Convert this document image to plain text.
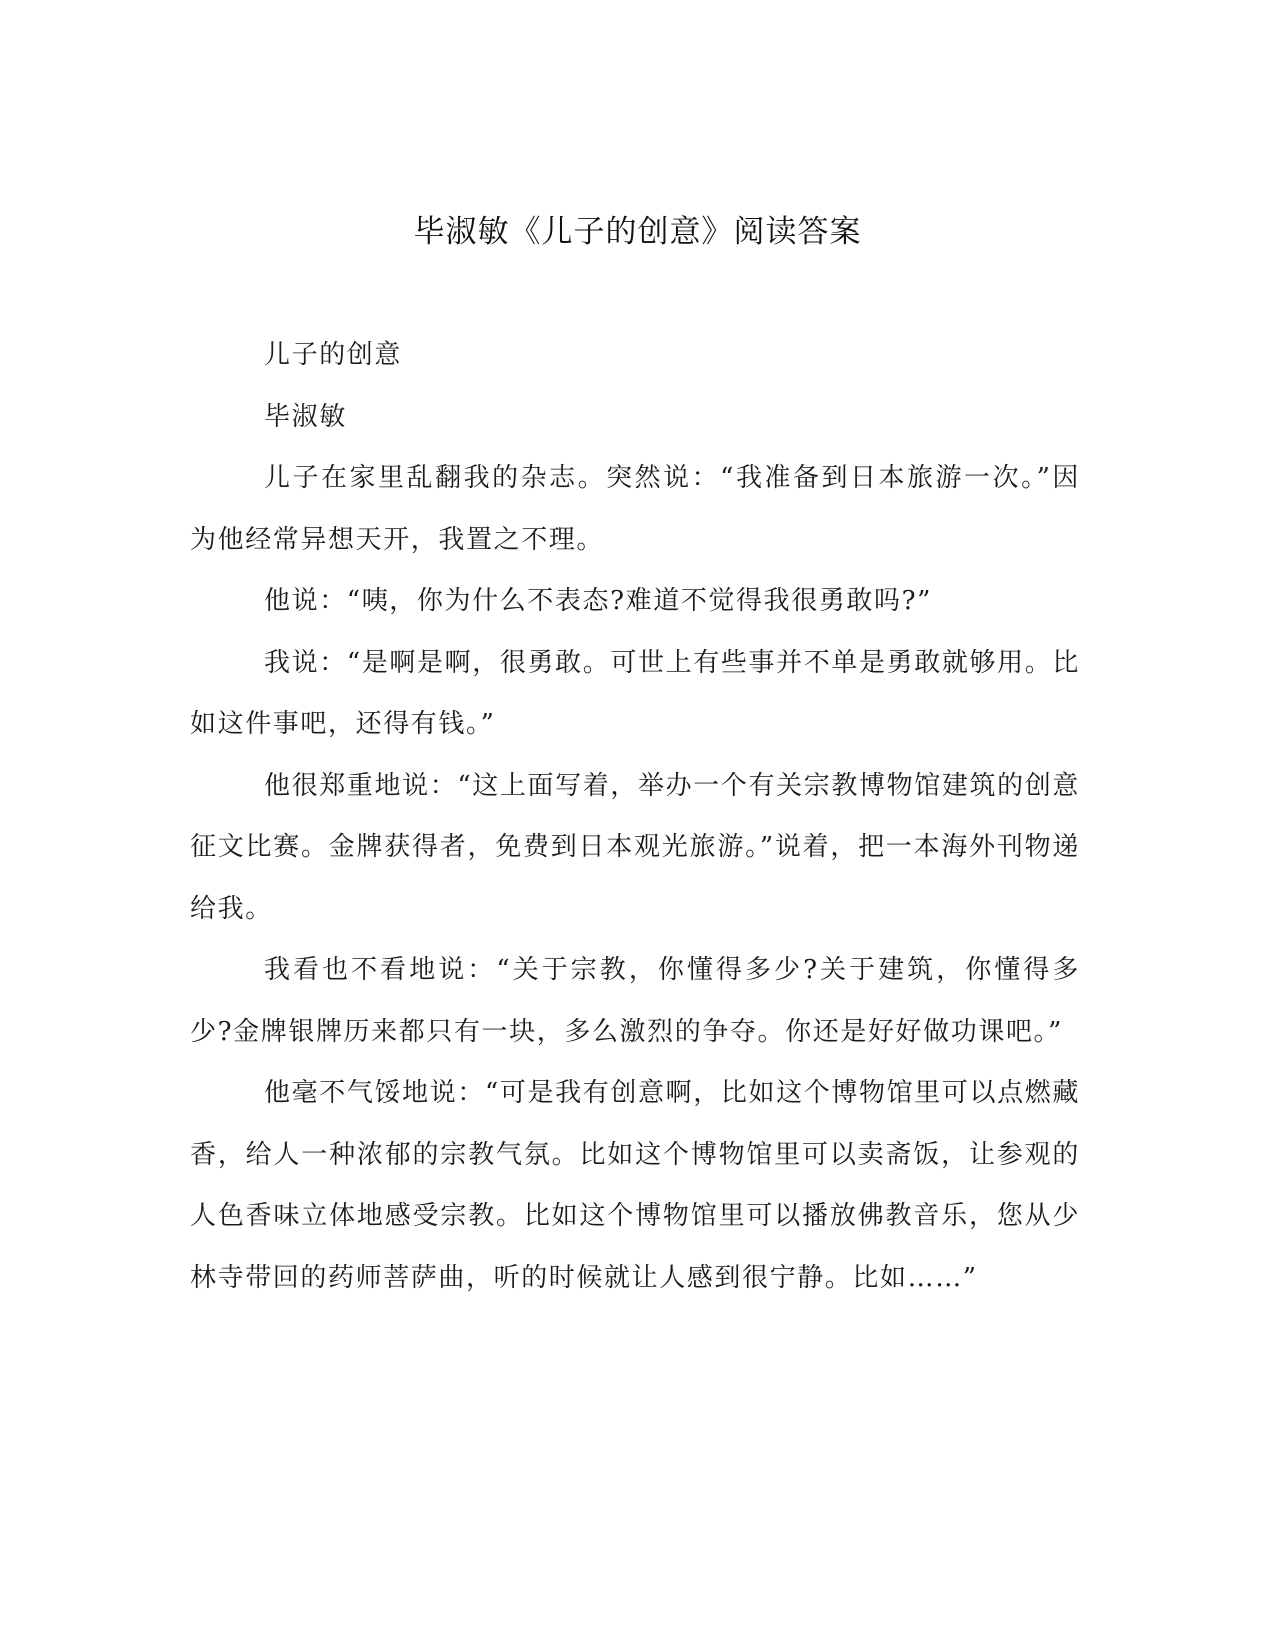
毕淑敏《儿子的创意》阅读答案

儿子的创意

毕淑敏

儿子在家里乱翻我的杂志。突然说：“我准备到日本旅游一次。”因为他经常异想天开，我置之不理。

他说：“咦，你为什么不表态?难道不觉得我很勇敢吗?”

我说：“是啊是啊，很勇敢。可世上有些事并不单是勇敢就够用。比如这件事吧，还得有钱。”

他很郑重地说：“这上面写着，举办一个有关宗教博物馆建筑的创意征文比赛。金牌获得者，免费到日本观光旅游。”说着，把一本海外刊物递给我。

我看也不看地说：“关于宗教，你懂得多少?关于建筑，你懂得多少?金牌银牌历来都只有一块，多么激烈的争夺。你还是好好做功课吧。”

他毫不气馁地说：“可是我有创意啊，比如这个博物馆里可以点燃藏香，给人一种浓郁的宗教气氛。比如这个博物馆里可以卖斋饭，让参观的人色香味立体地感受宗教。比如这个博物馆里可以播放佛教音乐，您从少林寺带回的药师菩萨曲，听的时候就让人感到很宁静。比如……”
